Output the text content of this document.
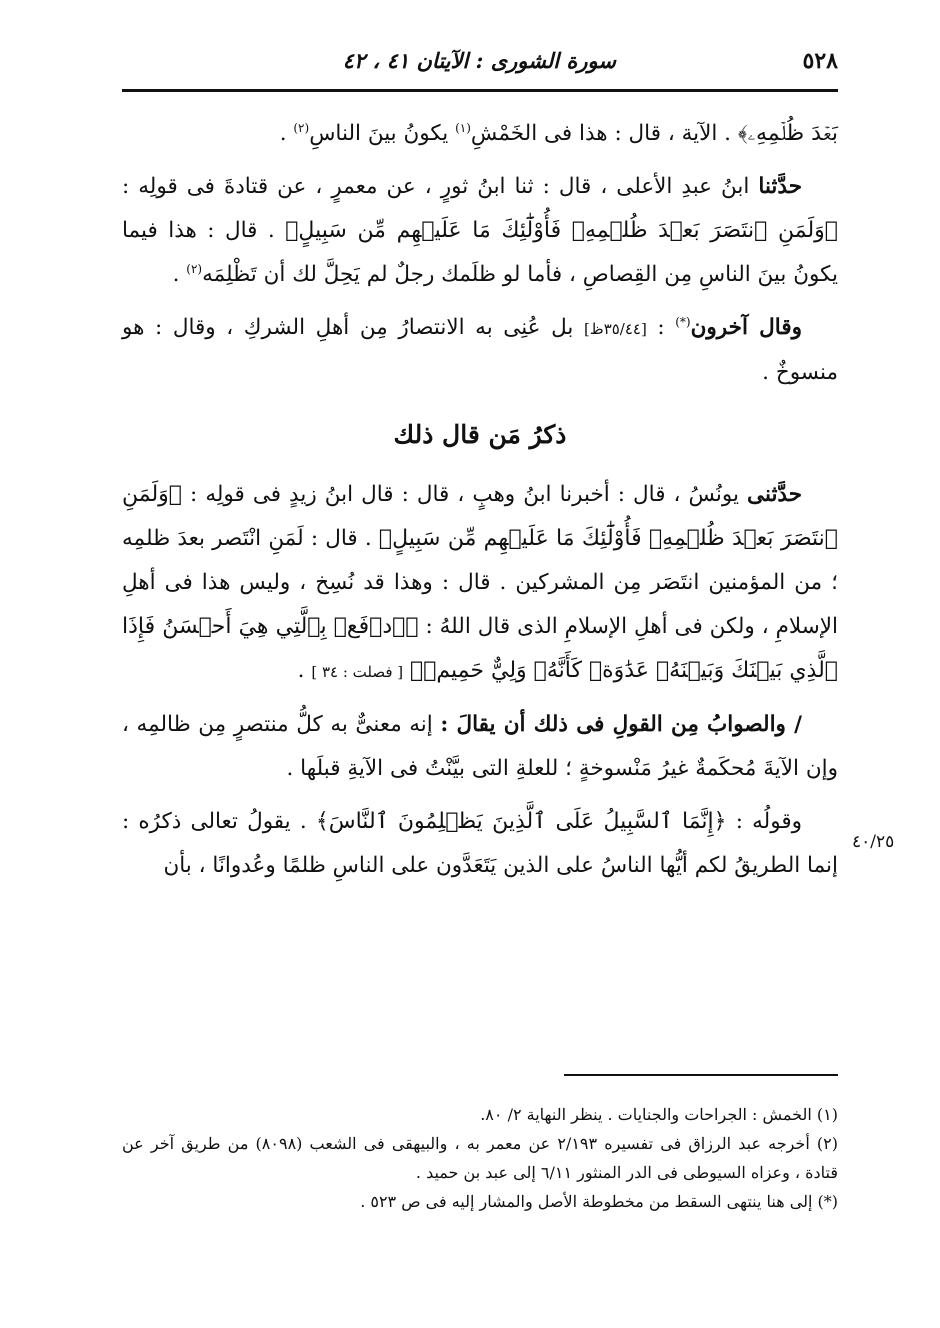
٥٢٨
سورة الشورى : الآيتان ٤١ ، ٤٢
٤٠/٢٥

بَعۡدَ ظُلۡمِهِۦ﴾ . الآية ، قال : هذا فى الخَمْشِ$^{(١)}$ يكونُ بينَ الناسِ$^{(٢)}$ .

حدَّثنا ابنُ عبدِ الأعلى ، قال : ثنا ابنُ ثورٍ ، عن معمرٍ ، عن قتادةَ فى قولِه : ﴿وَلَمَنِ ٱنتَصَرَ بَعۡدَ ظُلۡمِهِۦ فَأُوْلَٰٓئِكَ مَا عَلَيۡهِم مِّن سَبِيلٍ﴾ . قال : هذا فيما يكونُ بينَ الناسِ مِن القِصاصِ ، فأما لو ظلَمك رجلٌ لم يَحِلَّ لك أن تَظْلِمَه$^{(٢)}$ .

وقال آخرون(*) : [٣٥/٤٤ظ] بل عُنِى به الانتصارُ مِن أهلِ الشركِ ، وقال : هو منسوخٌ .

ذكرُ مَن قال ذلك

حدَّثنى يونُسُ ، قال : أخبرنا ابنُ وهبٍ ، قال : قال ابنُ زيدٍ فى قولِه : ﴿وَلَمَنِ ٱنتَصَرَ بَعۡدَ ظُلۡمِهِۦ فَأُوْلَٰٓئِكَ مَا عَلَيۡهِم مِّن سَبِيلٍ﴾ . قال : لَمَنِ انْتَصر بعدَ ظلمِه ؛ من المؤمنين انتَصَر مِن المشركين . قال : وهذا قد نُسِخ ، وليس هذا فى أهلِ الإسلامِ ، ولكن فى أهلِ الإسلامِ الذى قال اللهُ : ﴿ٱدۡفَعۡ بِٱلَّتِي هِيَ أَحۡسَنُ فَإِذَا ٱلَّذِي بَيۡنَكَ وَبَيۡنَهُۥ عَدَٰوَةٞ كَأَنَّهُۥ وَلِيٌّ حَمِيمٞ﴾ [ فصلت : ٣٤ ] .

/ والصوابُ مِن القولِ فى ذلك أن يقالَ : إنه معنىٌّ به كلُّ منتصرٍ مِن ظالمِه ، وإن الآيةَ مُحكَمةٌ غيرُ مَنْسوخةٍ ؛ للعلةِ التى بيَّنْتُ فى الآيةِ قبلَها .

وقولُه : ﴿إِنَّمَا ٱلسَّبِيلُ عَلَى ٱلَّذِينَ يَظۡلِمُونَ ٱلنَّاسَ﴾ . يقولُ تعالى ذكرُه : إنما الطريقُ لكم أيُّها الناسُ على الذين يَتَعَدَّون على الناسِ ظلمًا وعُدوانًا ، بأن

(١) الخمش : الجراحات والجنايات . ينظر النهاية ٢/ ٨٠.

(٢) أخرجه عبد الرزاق فى تفسيره ٢/١٩٣ عن معمر به ، والبيهقى فى الشعب (٨٠٩٨) من طريق آخر عن قتادة ، وعزاه السيوطى فى الدر المنثور ٦/١١ إلى عبد بن حميد .

(*) إلى هنا ينتهى السقط من مخطوطة الأصل والمشار إليه فى ص ٥٢٣ .
